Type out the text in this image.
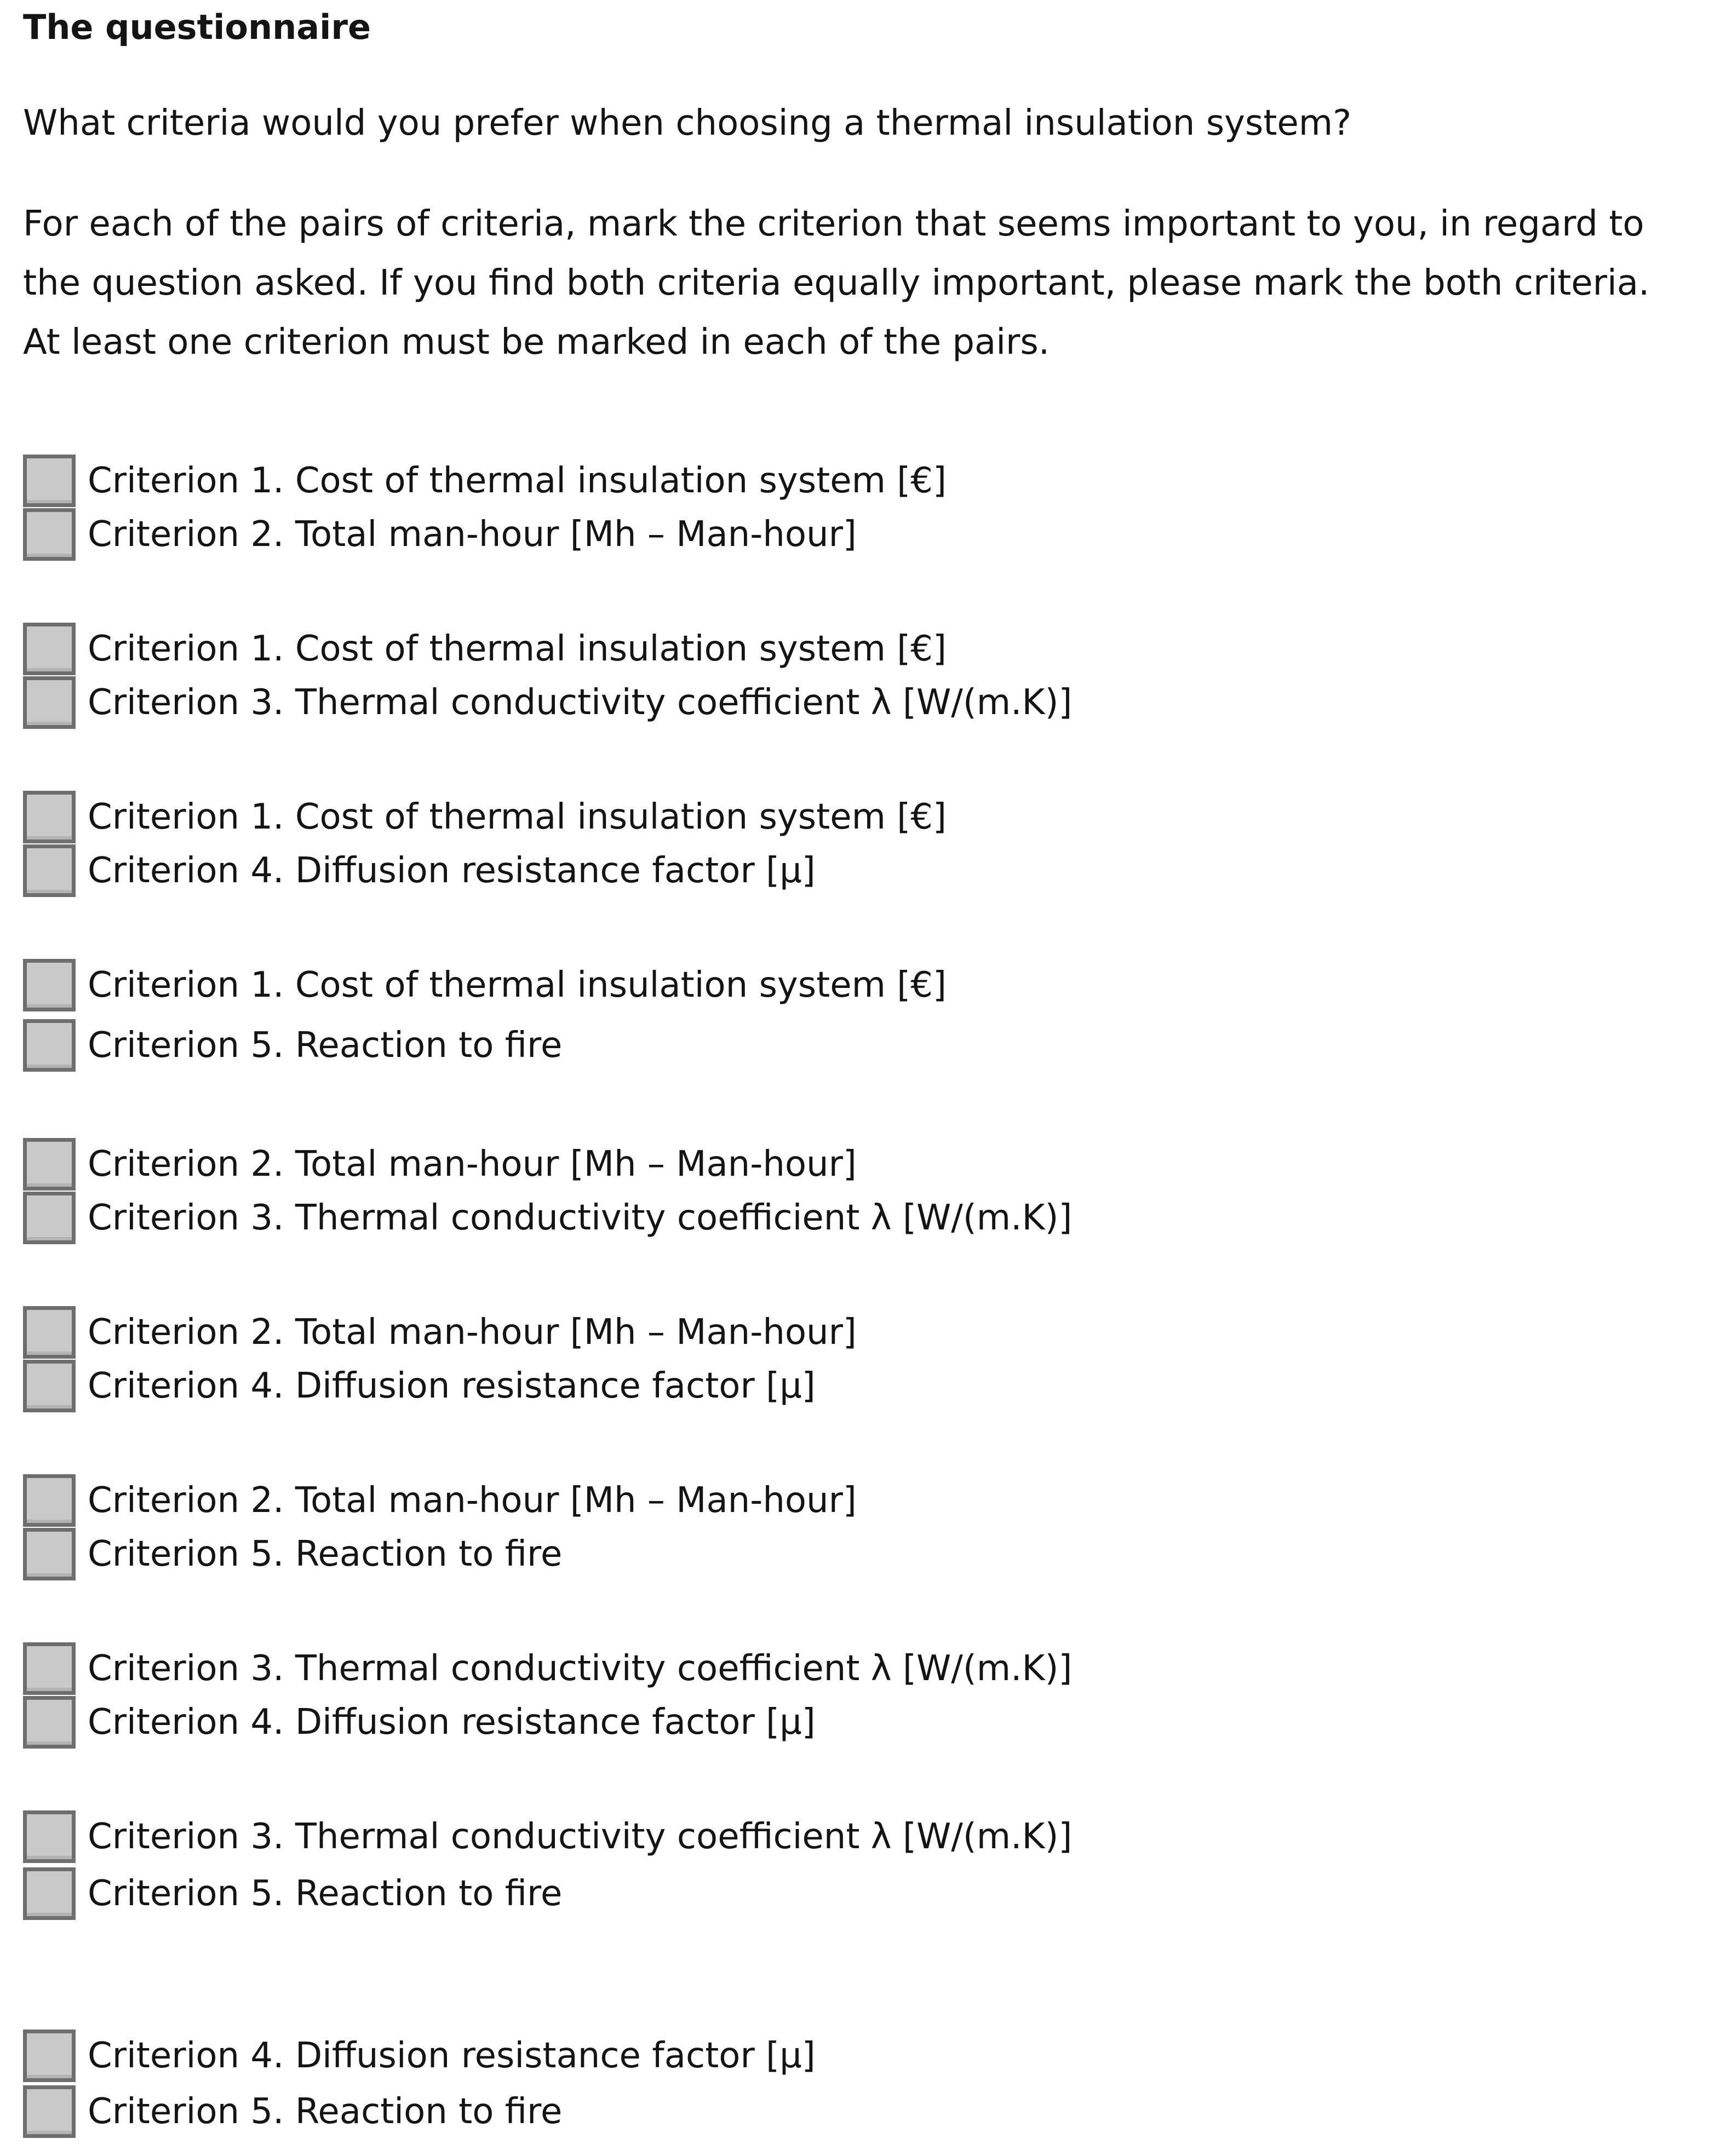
The questionnaire
What criteria would you prefer when choosing a thermal insulation system?
For each of the pairs of criteria, mark the criterion that seems important to you, in regard to
the question asked. If you find both criteria equally important, please mark the both criteria.
At least one criterion must be marked in each of the pairs.
Criterion 1. Cost of thermal insulation system [€]
Criterion 2. Total man-hour [Mh – Man-hour]
Criterion 1. Cost of thermal insulation system [€]
Criterion 3. Thermal conductivity coefficient λ [W/(m.K)]
Criterion 1. Cost of thermal insulation system [€]
Criterion 4. Diffusion resistance factor [μ]
Criterion 1. Cost of thermal insulation system [€]
Criterion 5. Reaction to fire
Criterion 2. Total man-hour [Mh – Man-hour]
Criterion 3. Thermal conductivity coefficient λ [W/(m.K)]
Criterion 2. Total man-hour [Mh – Man-hour]
Criterion 4. Diffusion resistance factor [μ]
Criterion 2. Total man-hour [Mh – Man-hour]
Criterion 5. Reaction to fire
Criterion 3. Thermal conductivity coefficient λ [W/(m.K)]
Criterion 4. Diffusion resistance factor [μ]
Criterion 3. Thermal conductivity coefficient λ [W/(m.K)]
Criterion 5. Reaction to fire
Criterion 4. Diffusion resistance factor [μ]
Criterion 5. Reaction to fire
